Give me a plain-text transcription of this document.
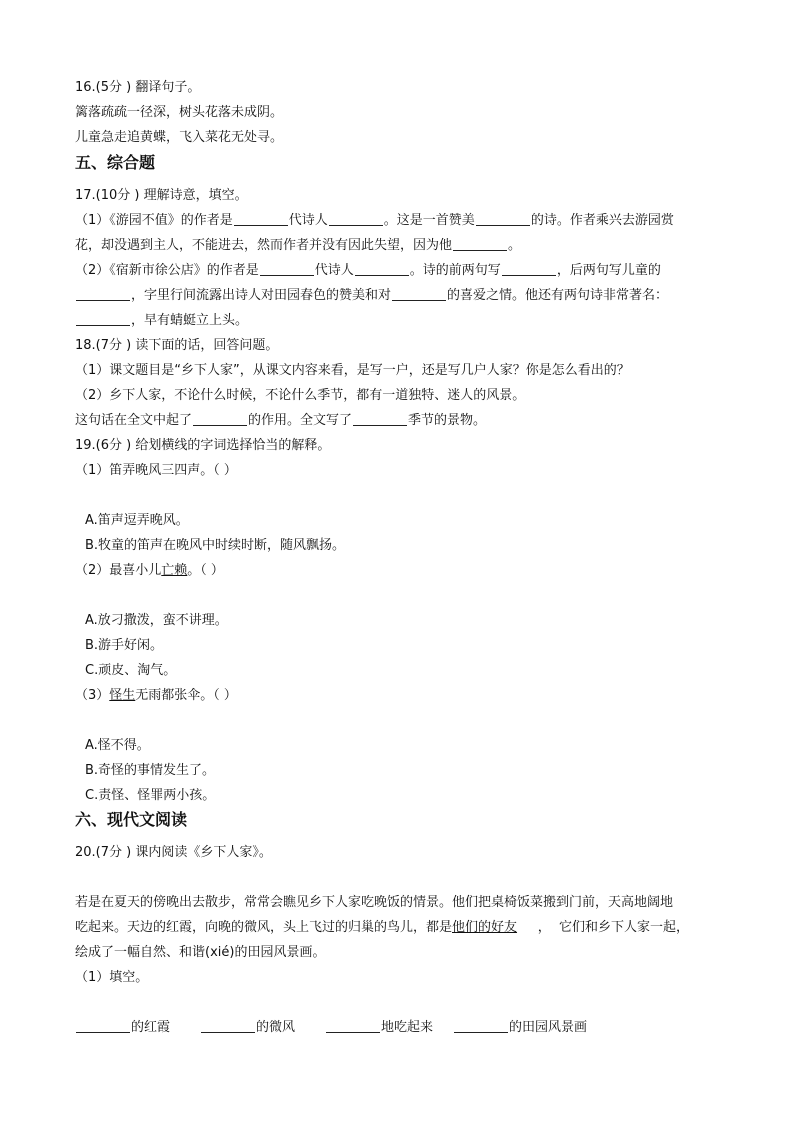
16.(5分 ) 翻译句子。
篱落疏疏一径深，树头花落未成阴。
儿童急走追黄蝶，飞入菜花无处寻。
五、综合题
17.(10分 ) 理解诗意，填空。
（1）《游园不值》的作者是	代诗人	。这是一首赞美	的诗。作者乘兴去游园赏
花，却没遇到主人，不能进去，然而作者并没有因此失望，因为他	。
（2）《宿新市徐公店》的作者是	代诗人	。诗的前两句写	，后两句写儿童的
，字里行间流露出诗人对田园春色的赞美和对	的喜爱之情。他还有两句诗非常著名：
，早有蜻蜓立上头。
18.(7分 ) 读下面的话，回答问题。
（1）课文题目是“乡下人家”，从课文内容来看，是写一户，还是写几户人家？你是怎么看出的？
（2）乡下人家，不论什么时候，不论什么季节，都有一道独特、迷人的风景。
这句话在全文中起了	的作用。全文写了	季节的景物。
19.(6分 ) 给划横线的字词选择恰当的解释。
（1）笛弄晚风三四声。（ ）
A.笛声逗弄晚风。
B.牧童的笛声在晚风中时续时断，随风飘扬。
（2）最喜小儿亡赖。（ ）
A.放刁撒泼，蛮不讲理。
B.游手好闲。
C.顽皮、淘气。
（3）怪生无雨都张伞。（ ）
A.怪不得。
B.奇怪的事情发生了。
C.责怪、怪罪两小孩。
六、现代文阅读
20.(7分 ) 课内阅读《乡下人家》。
若是在夏天的傍晚出去散步，常常会瞧见乡下人家吃晚饭的情景。他们把桌椅饭菜搬到门前，天高地阔地
吃起来。天边的红霞，向晚的微风，头上飞过的归巢的鸟儿，都是他们的好友     ，  它们和乡下人家一起，
绘成了一幅自然、和谐(xié)的田园风景画。
（1）填空。
的红霞	的微风	地吃起来	的田园风景画
